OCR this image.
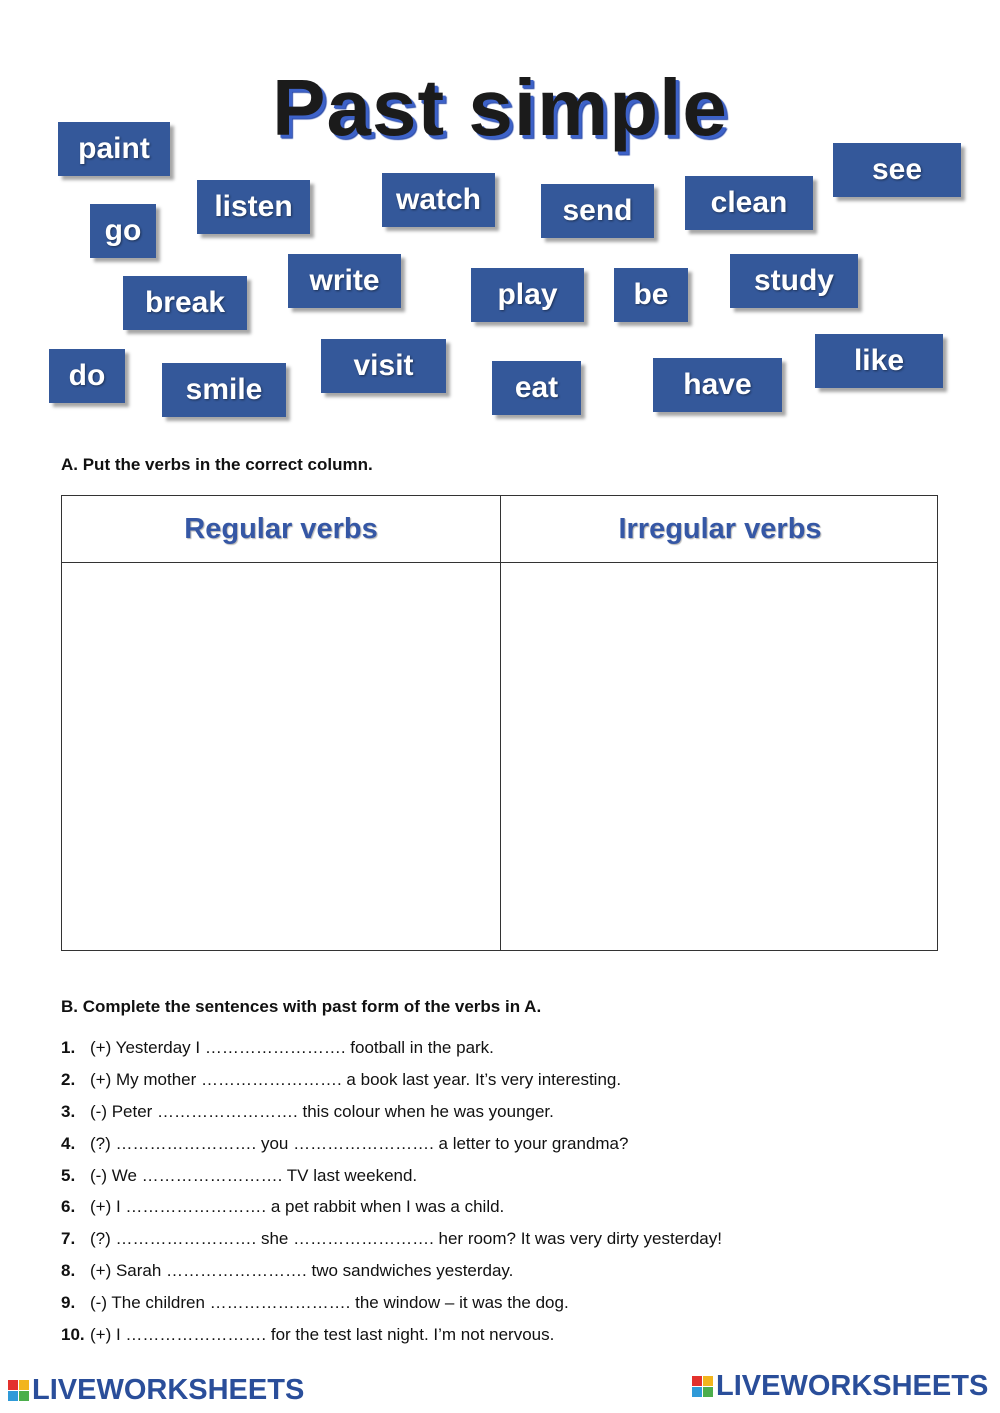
Past simple
paint
go
listen	watch	send	clean
see
break
write	play	be	study
do	smile
visit
eat	have
like
A. Put the verbs in the correct column.
Regular verbs	Irregular verbs
B. Complete the sentences with past form of the verbs in A.
1. (+) Yesterday I ……………………. football in the park.
2. (+) My mother ……………………. a book last year. It’s very interesting.
3. (-) Peter ……………………. this colour when he was younger.
4. (?) ……………………. you ……………………. a letter to your grandma?
5. (-) We ……………………. TV last weekend.
6. (+) I ……………………. a pet rabbit when I was a child.
7. (?) ……………………. she ……………………. her room? It was very dirty yesterday!
8. (+) Sarah ……………………. two sandwiches yesterday.
9. (-) The children ……………………. the window – it was the dog.
10. (+) I ……………………. for the test last night. I’m not nervous.
LIVEWORKSHEETS	LIVEWORKSHEETS
